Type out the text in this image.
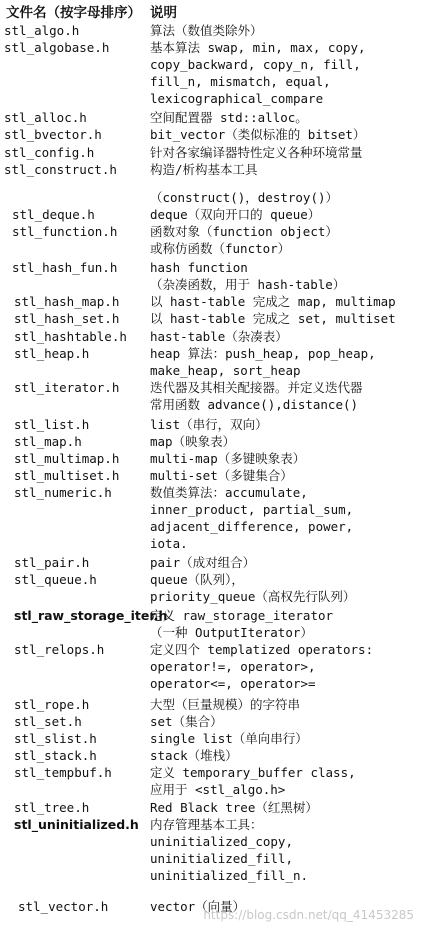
文件名（按字母排序） 说明
stl_algo.h	算法（数值类除外）
stl_algobase.h	基本算法 swap, min, max, copy,
copy_backward, copy_n, fill,
fill_n, mismatch, equal,
lexicographical_compare
stl_alloc.h	空间配置器 std::alloc。
stl_bvector.h	bit_vector（类似标准的 bitset）
stl_config.h	针对各家编译器特性定义各种环境常量
stl_construct.h	构造/析构基本工具
（construct()，destroy()）
stl_deque.h	deque（双向开口的 queue）
stl_function.h	函数对象（function object）
或称仿函数（functor）
stl_hash_fun.h	hash function
（杂凑函数，用于 hash-table）
stl_hash_map.h 以 hast-table 完成之 map, multimap
stl_hash_set.h 以 hast-table 完成之 set, multiset
stl_hashtable.h hast-table（杂凑表）
stl_heap.h	heap 算法：push_heap, pop_heap,
make_heap, sort_heap
stl_iterator.h 迭代器及其相关配接器。并定义迭代器
常用函数 advance(),distance()
stl_list.h	list（串行，双向）
stl_map.h	map（映象表）
stl_multimap.h multi-map（多键映象表）
stl_multiset.h multi-set（多键集合）
stl_numeric.h	数值类算法：accumulate,
inner_product, partial_sum,
adjacent_difference, power,
iota.
stl_pair.h	pair（成对组合）
stl_queue.h	queue（队列），
priority_queue（高权先行队列）
stl_raw_storage_iter.h
定义 raw_storage_iterator
（一种 OutputIterator）
stl_relops.h	定义四个 templatized operators:
operator!=, operator>,
operator<=, operator>=
stl_rope.h	大型（巨量规模）的字符串
stl_set.h	set（集合）
stl_slist.h	single list（单向串行）
stl_stack.h	stack（堆栈）
stl_tempbuf.h	定义 temporary_buffer class,
应用于 <stl_algo.h>
stl_tree.h	Red Black tree（红黑树）
stl_uninitialized.h 内存管理基本工具：
uninitialized_copy,
uninitialized_fill,
uninitialized_fill_n.
stl_vector.h	vector（向量）
https://blog.csdn.net/qq_41453285
